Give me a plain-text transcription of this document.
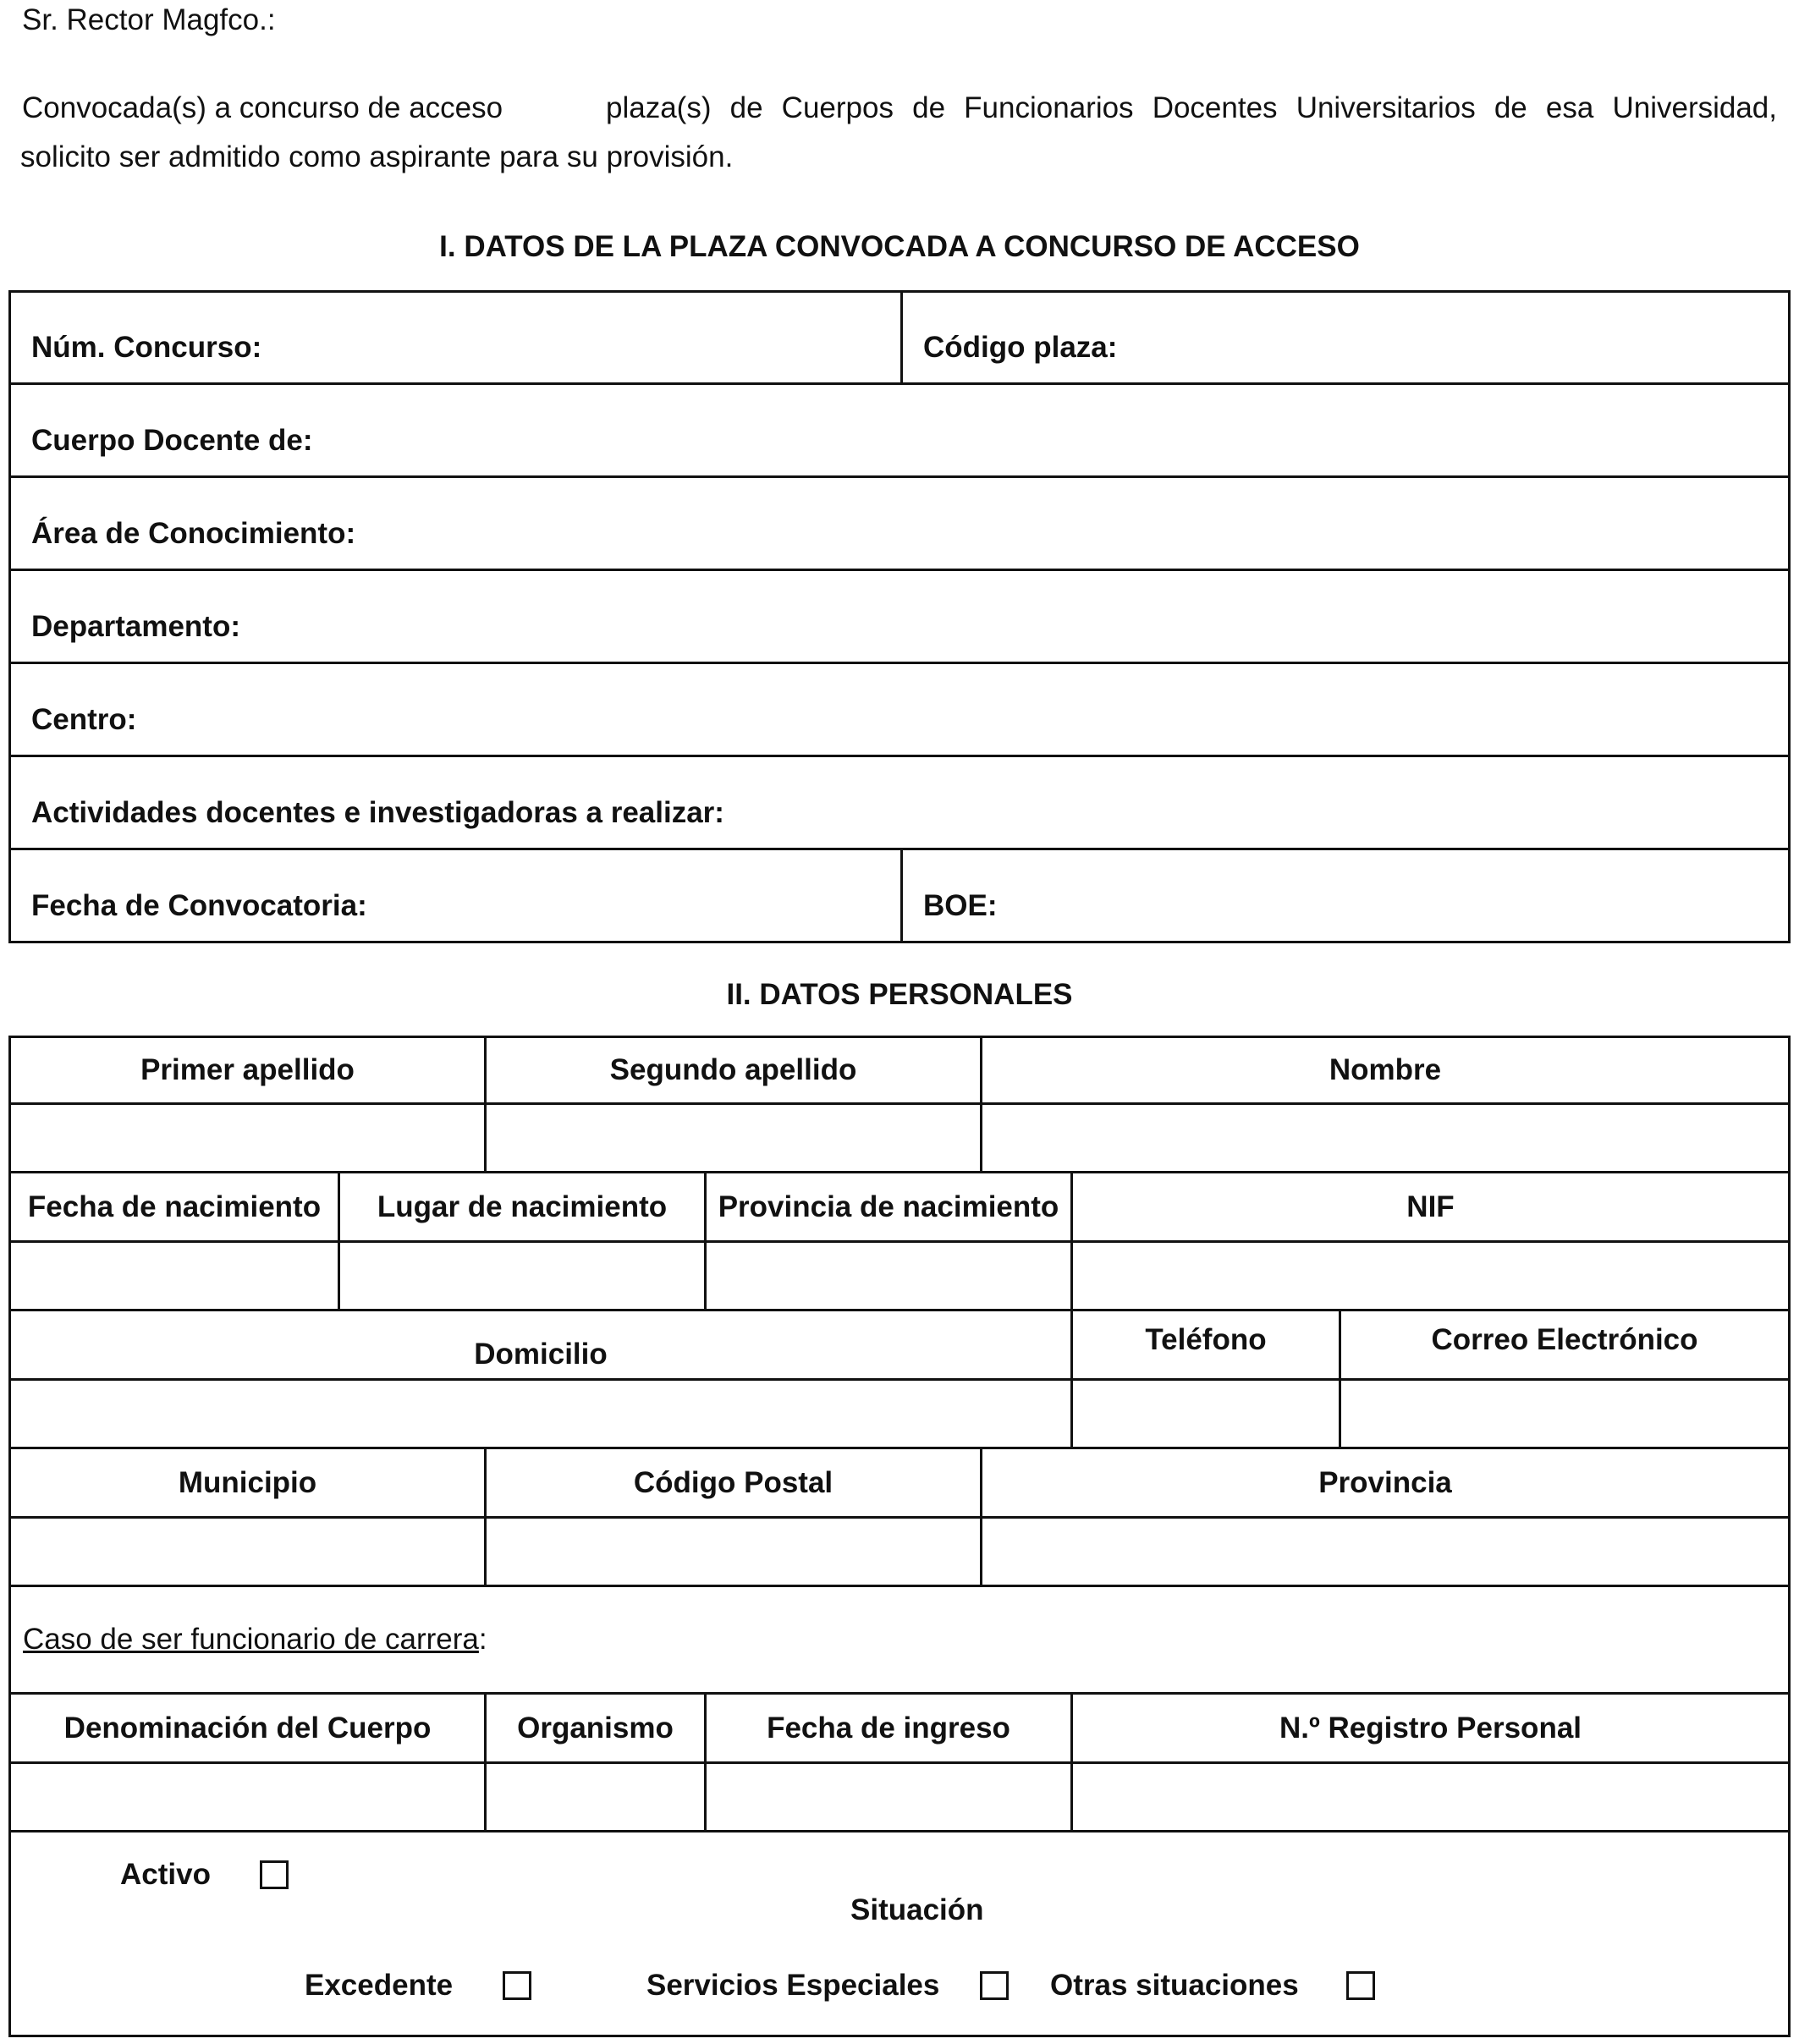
Sr. Rector Magfco.:
Convocada(s) a concurso de acceso	plaza(s) de Cuerpos de Funcionarios Docentes Universitarios de esa Universidad,
solicito ser admitido como aspirante para su provisión.
I. DATOS DE LA PLAZA CONVOCADA A CONCURSO DE ACCESO
Núm. Concurso:	Código plaza:
Cuerpo Docente de:
Área de Conocimiento:
Departamento:
Centro:
Actividades docentes e investigadoras a realizar:
Fecha de Convocatoria:	BOE:
II. DATOS PERSONALES
Primer apellido	Segundo apellido	Nombre
Fecha de nacimiento	Lugar de nacimiento	Provincia de nacimiento	NIF
Domicilio	Teléfono	Correo Electrónico
Municipio	Código Postal	Provincia
Caso de ser funcionario de carrera :
Denominación del Cuerpo	Organismo	Fecha de ingreso	N.º Registro Personal
Activo
Situación
Excedente	Servicios Especiales	Otras situaciones
